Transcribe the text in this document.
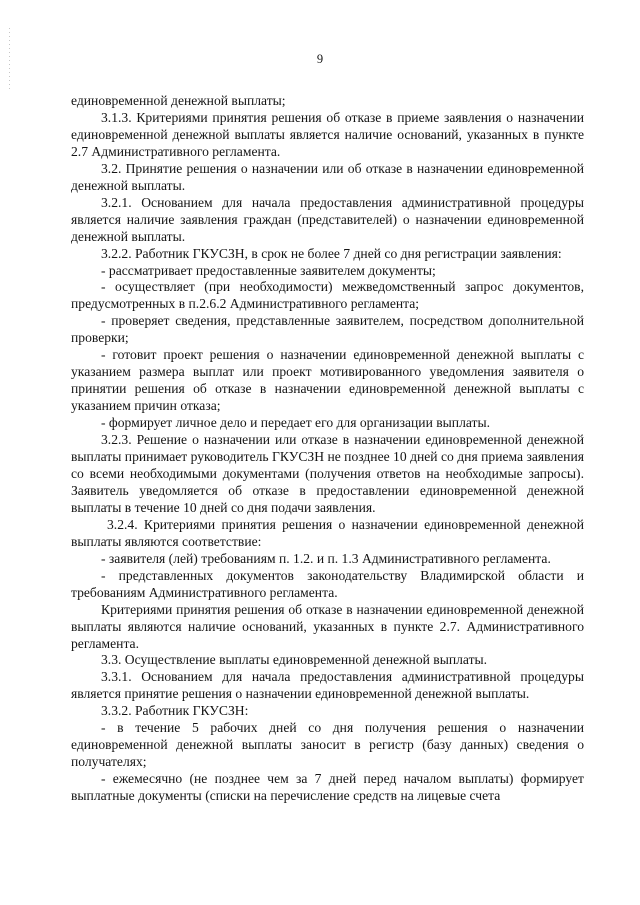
9

единовременной денежной выплаты;

3.1.3. Критериями принятия решения об отказе в приеме заявления о назначении единовременной денежной выплаты является наличие оснований, указанных в пункте 2.7 Административного регламента.

3.2. Принятие решения о назначении или об отказе в назначении единовременной денежной выплаты.

3.2.1. Основанием для начала предоставления административной процедуры является наличие заявления граждан (представителей) о назначении единовременной денежной выплаты.

3.2.2. Работник ГКУСЗН, в срок не более 7 дней со дня регистрации заявления:

- рассматривает предоставленные заявителем документы;

- осуществляет (при необходимости) межведомственный запрос документов, предусмотренных в п.2.6.2 Административного регламента;

- проверяет сведения, представленные заявителем, посредством дополнительной проверки;

- готовит проект решения о назначении единовременной денежной выплаты с указанием размера выплат или проект мотивированного уведомления заявителя о принятии решения об отказе в назначении единовременной денежной выплаты с указанием причин отказа;

- формирует личное дело и передает его для организации выплаты.

3.2.3. Решение о назначении или отказе в назначении единовременной денежной выплаты принимает руководитель ГКУСЗН не позднее 10 дней со дня приема заявления со всеми необходимыми документами (получения ответов на необходимые запросы). Заявитель уведомляется об отказе в предоставлении единовременной денежной выплаты в течение 10 дней со дня подачи заявления.

3.2.4. Критериями принятия решения о назначении единовременной денежной выплаты являются соответствие:

- заявителя (лей) требованиям п. 1.2. и п. 1.3 Административного регламента.

- представленных документов законодательству Владимирской области и требованиям Административного регламента.

Критериями принятия решения об отказе в назначении единовременной денежной выплаты являются наличие оснований, указанных в пункте 2.7. Административного регламента.

3.3. Осуществление выплаты единовременной денежной выплаты.

3.3.1. Основанием для начала предоставления административной процедуры является принятие решения о назначении единовременной денежной выплаты.

3.3.2. Работник ГКУСЗН:

- в течение 5 рабочих дней со дня получения решения о назначении единовременной денежной выплаты заносит в регистр (базу данных) сведения о получателях;

- ежемесячно (не позднее чем за 7 дней перед началом выплаты) формирует выплатные документы (списки на перечисление средств на лицевые счета
